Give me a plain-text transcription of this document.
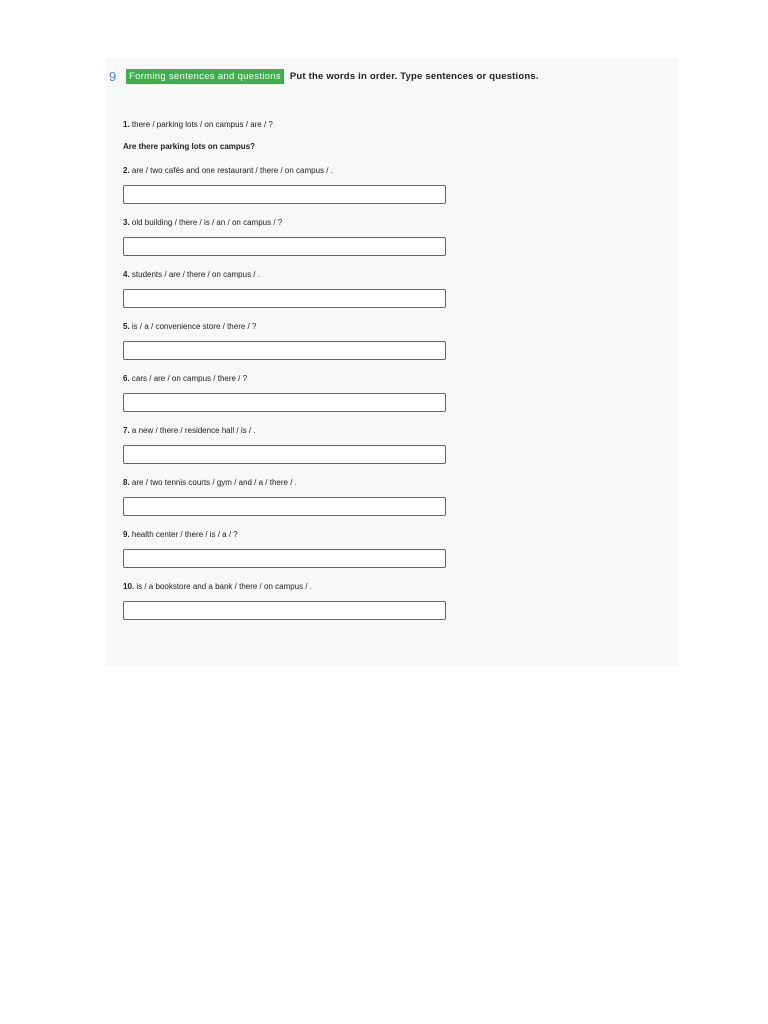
9	Forming sentences and questions Put the words in order. Type sentences or questions.
1. there / parking lots / on campus / are / ?
Are there parking lots on campus?
2. are / two cafés and one restaurant / there / on campus / .
3. old building / there / is / an / on campus / ?
4. students / are / there / on campus / .
5. is / a / convenience store / there / ?
6. cars / are / on campus / there / ?
7. a new / there / residence hall / is / .
8. are / two tennis courts / gym / and / a / there / .
9. health center / there / is / a / ?
10. is / a bookstore and a bank / there / on campus / .
